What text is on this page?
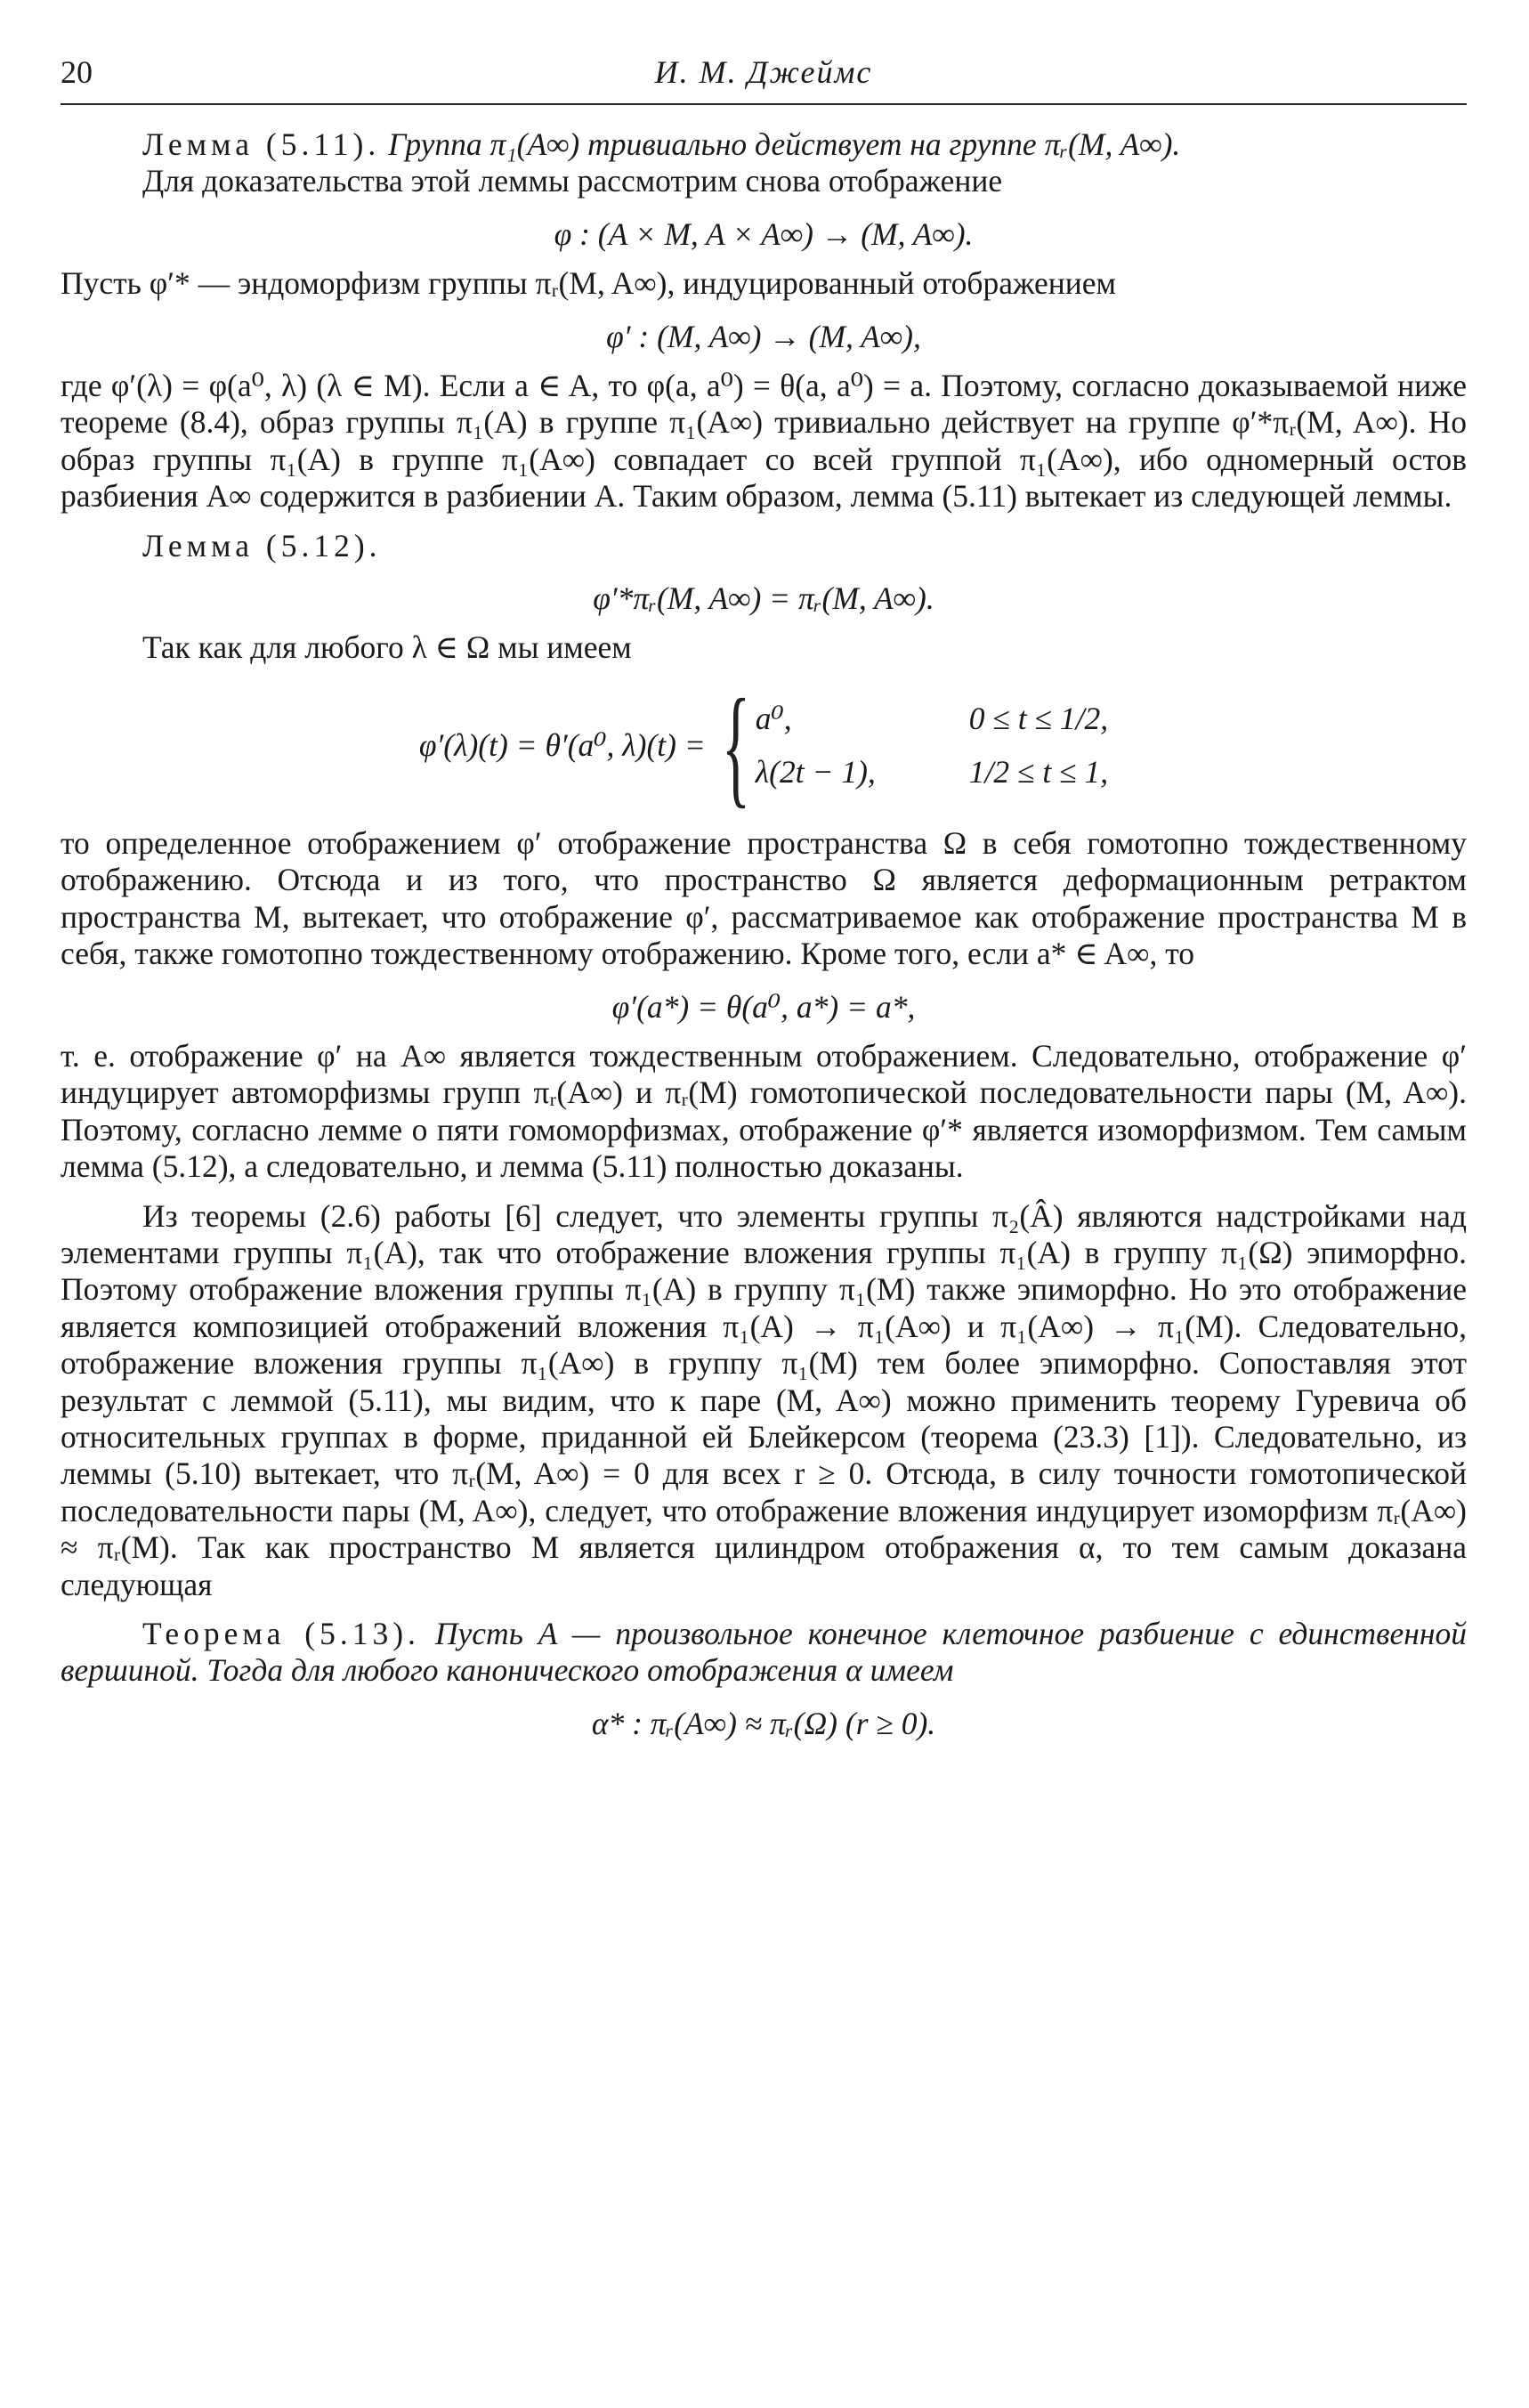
20	И. М. Джеймс

Лемма (5.11). Группа π₁(A∞) тривиально действует на группе πᵣ(M, A∞).

Для доказательства этой леммы рассмотрим снова отображение

φ : (A × M, A × A∞) → (M, A∞).

Пусть φ′* — эндоморфизм группы πᵣ(M, A∞), индуцированный отображением

φ′ : (M, A∞) → (M, A∞),

где φ′(λ) = φ(a⁰, λ) (λ ∈ M). Если a ∈ A, то φ(a, a⁰) = θ(a, a⁰) = a. Поэтому, согласно доказываемой ниже теореме (8.4), образ группы π₁(A) в группе π₁(A∞) тривиально действует на группе φ′*πᵣ(M, A∞). Но образ группы π₁(A) в группе π₁(A∞) совпадает со всей группой π₁(A∞), ибо одномерный остов разбиения A∞ содержится в разбиении A. Таким образом, лемма (5.11) вытекает из следующей леммы.

Лемма (5.12).

φ′*πᵣ(M, A∞) = πᵣ(M, A∞).

Так как для любого λ ∈ Ω мы имеем

φ′(λ)(t) = θ′(a⁰, λ)(t) = { a⁰,	0 ≤ t ≤ 1/2,
λ(2t − 1),	1/2 ≤ t ≤ 1,

то определенное отображением φ′ отображение пространства Ω в себя гомотопно тождественному отображению. Отсюда и из того, что пространство Ω является деформационным ретрактом пространства M, вытекает, что отображение φ′, рассматриваемое как отображение пространства M в себя, также гомотопно тождественному отображению. Кроме того, если a* ∈ A∞, то

φ′(a*) = θ(a⁰, a*) = a*,

т. е. отображение φ′ на A∞ является тождественным отображением. Следовательно, отображение φ′ индуцирует автоморфизмы групп πᵣ(A∞) и πᵣ(M) гомотопической последовательности пары (M, A∞). Поэтому, согласно лемме о пяти гомоморфизмах, отображение φ′* является изоморфизмом. Тем самым лемма (5.12), а следовательно, и лемма (5.11) полностью доказаны.

Из теоремы (2.6) работы [6] следует, что элементы группы π₂(Â) являются надстройками над элементами группы π₁(A), так что отображение вложения группы π₁(A) в группу π₁(Ω) эпиморфно. Поэтому отображение вложения группы π₁(A) в группу π₁(M) также эпиморфно. Но это отображение является композицией отображений вложения π₁(A) → π₁(A∞) и π₁(A∞) → π₁(M). Следовательно, отображение вложения группы π₁(A∞) в группу π₁(M) тем более эпиморфно. Сопоставляя этот результат с леммой (5.11), мы видим, что к паре (M, A∞) можно применить теорему Гуревича об относительных группах в форме, приданной ей Блейкерсом (теорема (23.3) [1]). Следовательно, из леммы (5.10) вытекает, что πᵣ(M, A∞) = 0 для всех r ≥ 0. Отсюда, в силу точности гомотопической последовательности пары (M, A∞), следует, что отображение вложения индуцирует изоморфизм πᵣ(A∞) ≈ πᵣ(M). Так как пространство M является цилиндром отображения α, то тем самым доказана следующая

Теорема (5.13). Пусть A — произвольное конечное клеточное разбиение с единственной вершиной. Тогда для любого канонического отображения α имеем

α* : πᵣ(A∞) ≈ πᵣ(Ω) (r ≥ 0).
